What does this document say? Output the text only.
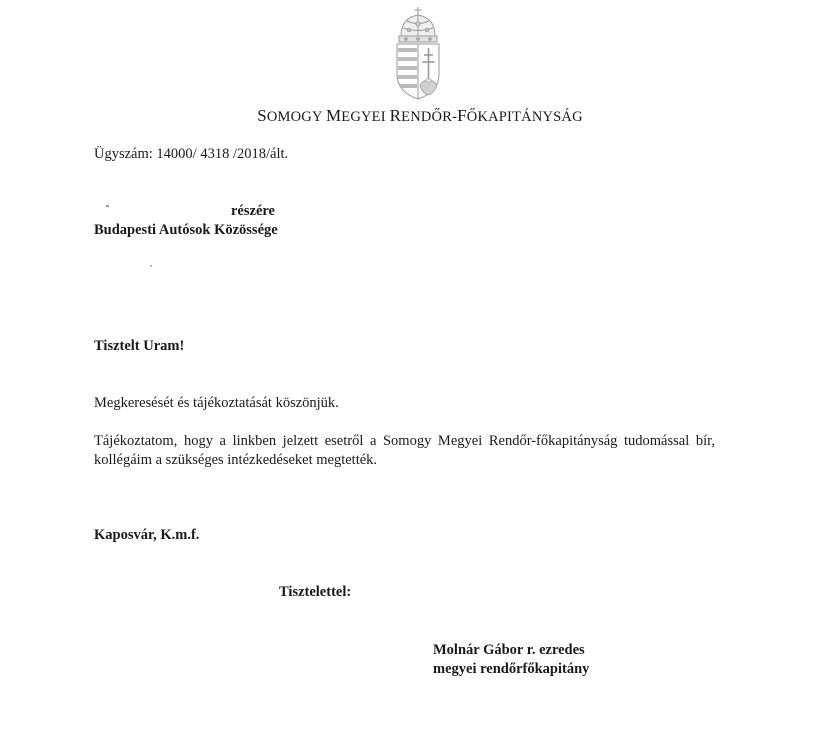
SOMOGY MEGYEI RENDŐR-FŐKAPITÁNYSÁG
Ügyszám: 14000/ 4318 /2018/ált.
részére
Budapesti Autósok Közössége
Tisztelt Uram!
Megkeresését és tájékoztatását köszönjük.
Tájékoztatom, hogy a linkben jelzett esetről a Somogy Megyei Rendőr-főkapitányság tudomással bír, kollégáim a szükséges intézkedéseket megtették.
Kaposvár, K.m.f.
Tisztelettel:
Molnár Gábor r. ezredes
megyei rendőrfőkapitány
